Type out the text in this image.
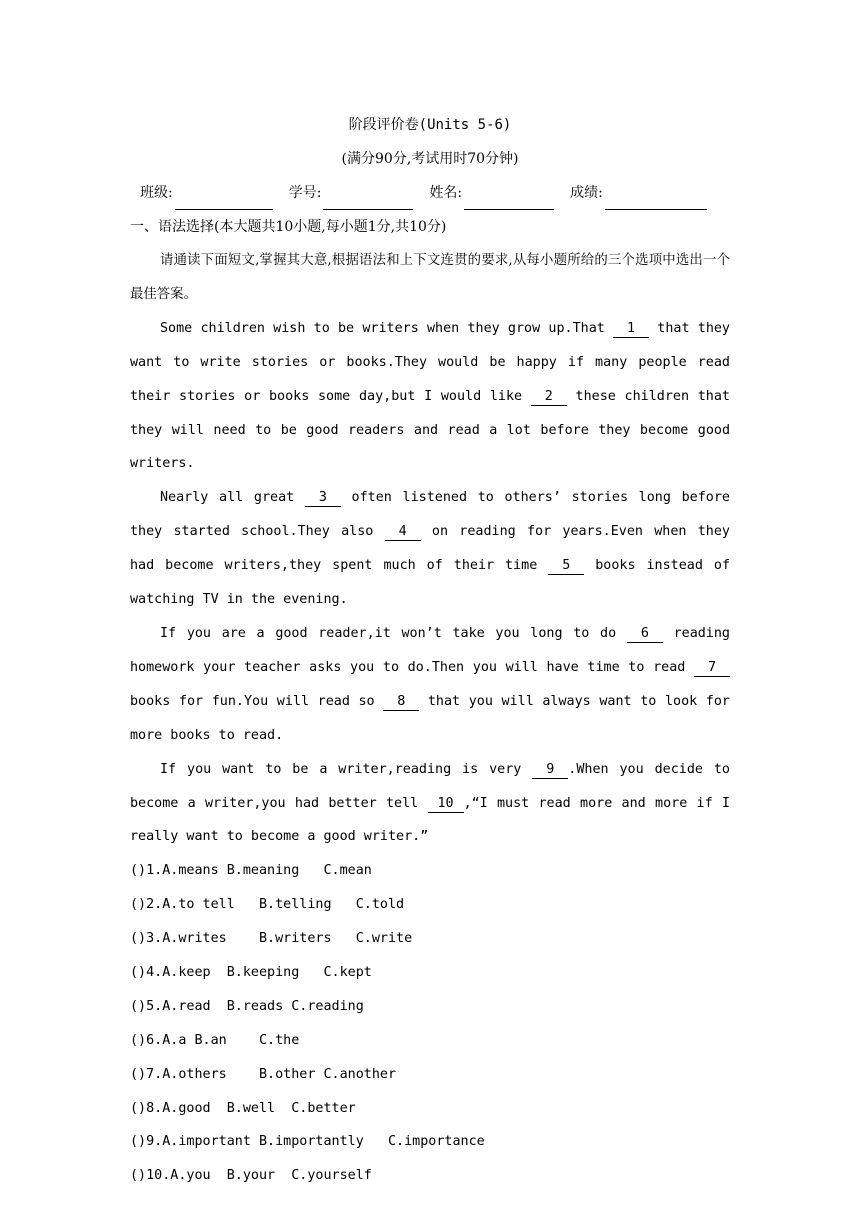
阶段评价卷(Units 5-6)
(满分90分,考试用时70分钟)
班级:	学号:	姓名:	成绩:
一、语法选择(本大题共10小题,每小题1分,共10分)

请通读下面短文,掌握其大意,根据语法和上下文连贯的要求,从每小题所给的三个选项中选出一个最佳答案。

Some children wish to be writers when they grow up.That 1 that they want to write stories or books.They would be happy if many people read their stories or books some day,but I would like 2 these children that they will need to be good readers and read a lot before they become good writers.

Nearly all great 3 often listened to others’ stories long before they started school.They also 4 on reading for years.Even when they had become writers,they spent much of their time 5 books instead of watching TV in the evening.

If you are a good reader,it won’t take you long to do 6 reading homework your teacher asks you to do.Then you will have time to read 7 books for fun.You will read so 8 that you will always want to look for more books to read.

If you want to be a writer,reading is very 9 .When you decide to become a writer,you had better tell 10 ,“I must read more and more if I really want to become a good writer.”

()1.A.means B.meaning   C.mean
()2.A.to tell   B.telling   C.told
()3.A.writes    B.writers   C.write
()4.A.keep  B.keeping   C.kept
()5.A.read  B.reads C.reading
()6.A.a B.an    C.the
()7.A.others    B.other C.another
()8.A.good  B.well  C.better
()9.A.important B.importantly   C.importance
()10.A.you  B.your  C.yourself
